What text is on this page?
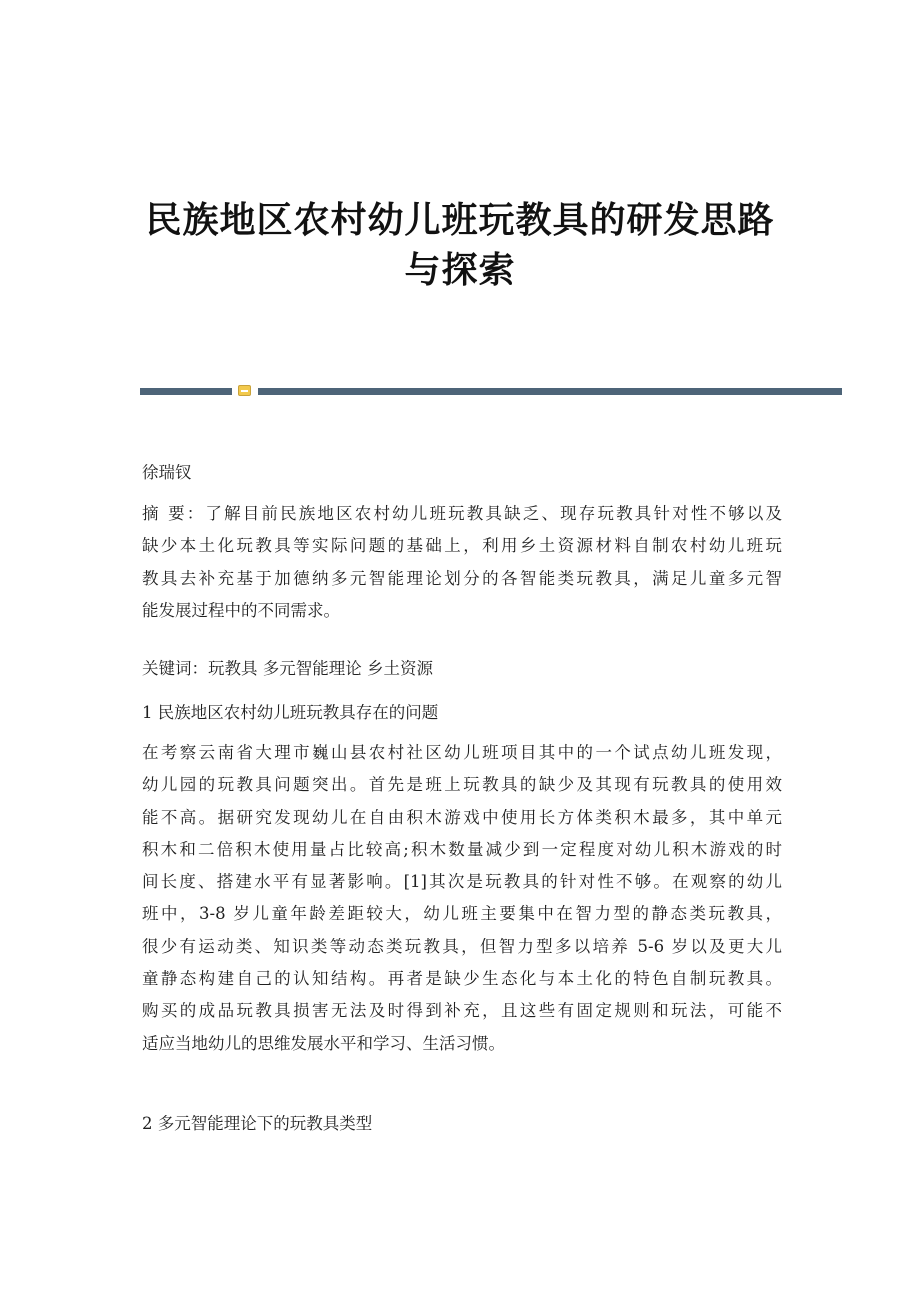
民族地区农村幼儿班玩教具的研发思路
与探索
徐瑞钗
摘 要：了解目前民族地区农村幼儿班玩教具缺乏、现存玩教具针对性不够以及
缺少本土化玩教具等实际问题的基础上，利用乡土资源材料自制农村幼儿班玩
教具去补充基于加德纳多元智能理论划分的各智能类玩教具，满足儿童多元智
能发展过程中的不同需求。
关键词：玩教具 多元智能理论 乡土资源
1 民族地区农村幼儿班玩教具存在的问题
在考察云南省大理市巍山县农村社区幼儿班项目其中的一个试点幼儿班发现，
幼儿园的玩教具问题突出。首先是班上玩教具的缺少及其现有玩教具的使用效
能不高。据研究发现幼儿在自由积木游戏中使用长方体类积木最多，其中单元
积木和二倍积木使用量占比较高;积木数量减少到一定程度对幼儿积木游戏的时
间长度、搭建水平有显著影响。[1]其次是玩教具的针对性不够。在观察的幼儿
班中，3-8 岁儿童年龄差距较大，幼儿班主要集中在智力型的静态类玩教具，
很少有运动类、知识类等动态类玩教具，但智力型多以培养 5-6 岁以及更大儿
童静态构建自己的认知结构。再者是缺少生态化与本土化的特色自制玩教具。
购买的成品玩教具损害无法及时得到补充，且这些有固定规则和玩法，可能不
适应当地幼儿的思维发展水平和学习、生活习惯。
2 多元智能理论下的玩教具类型
